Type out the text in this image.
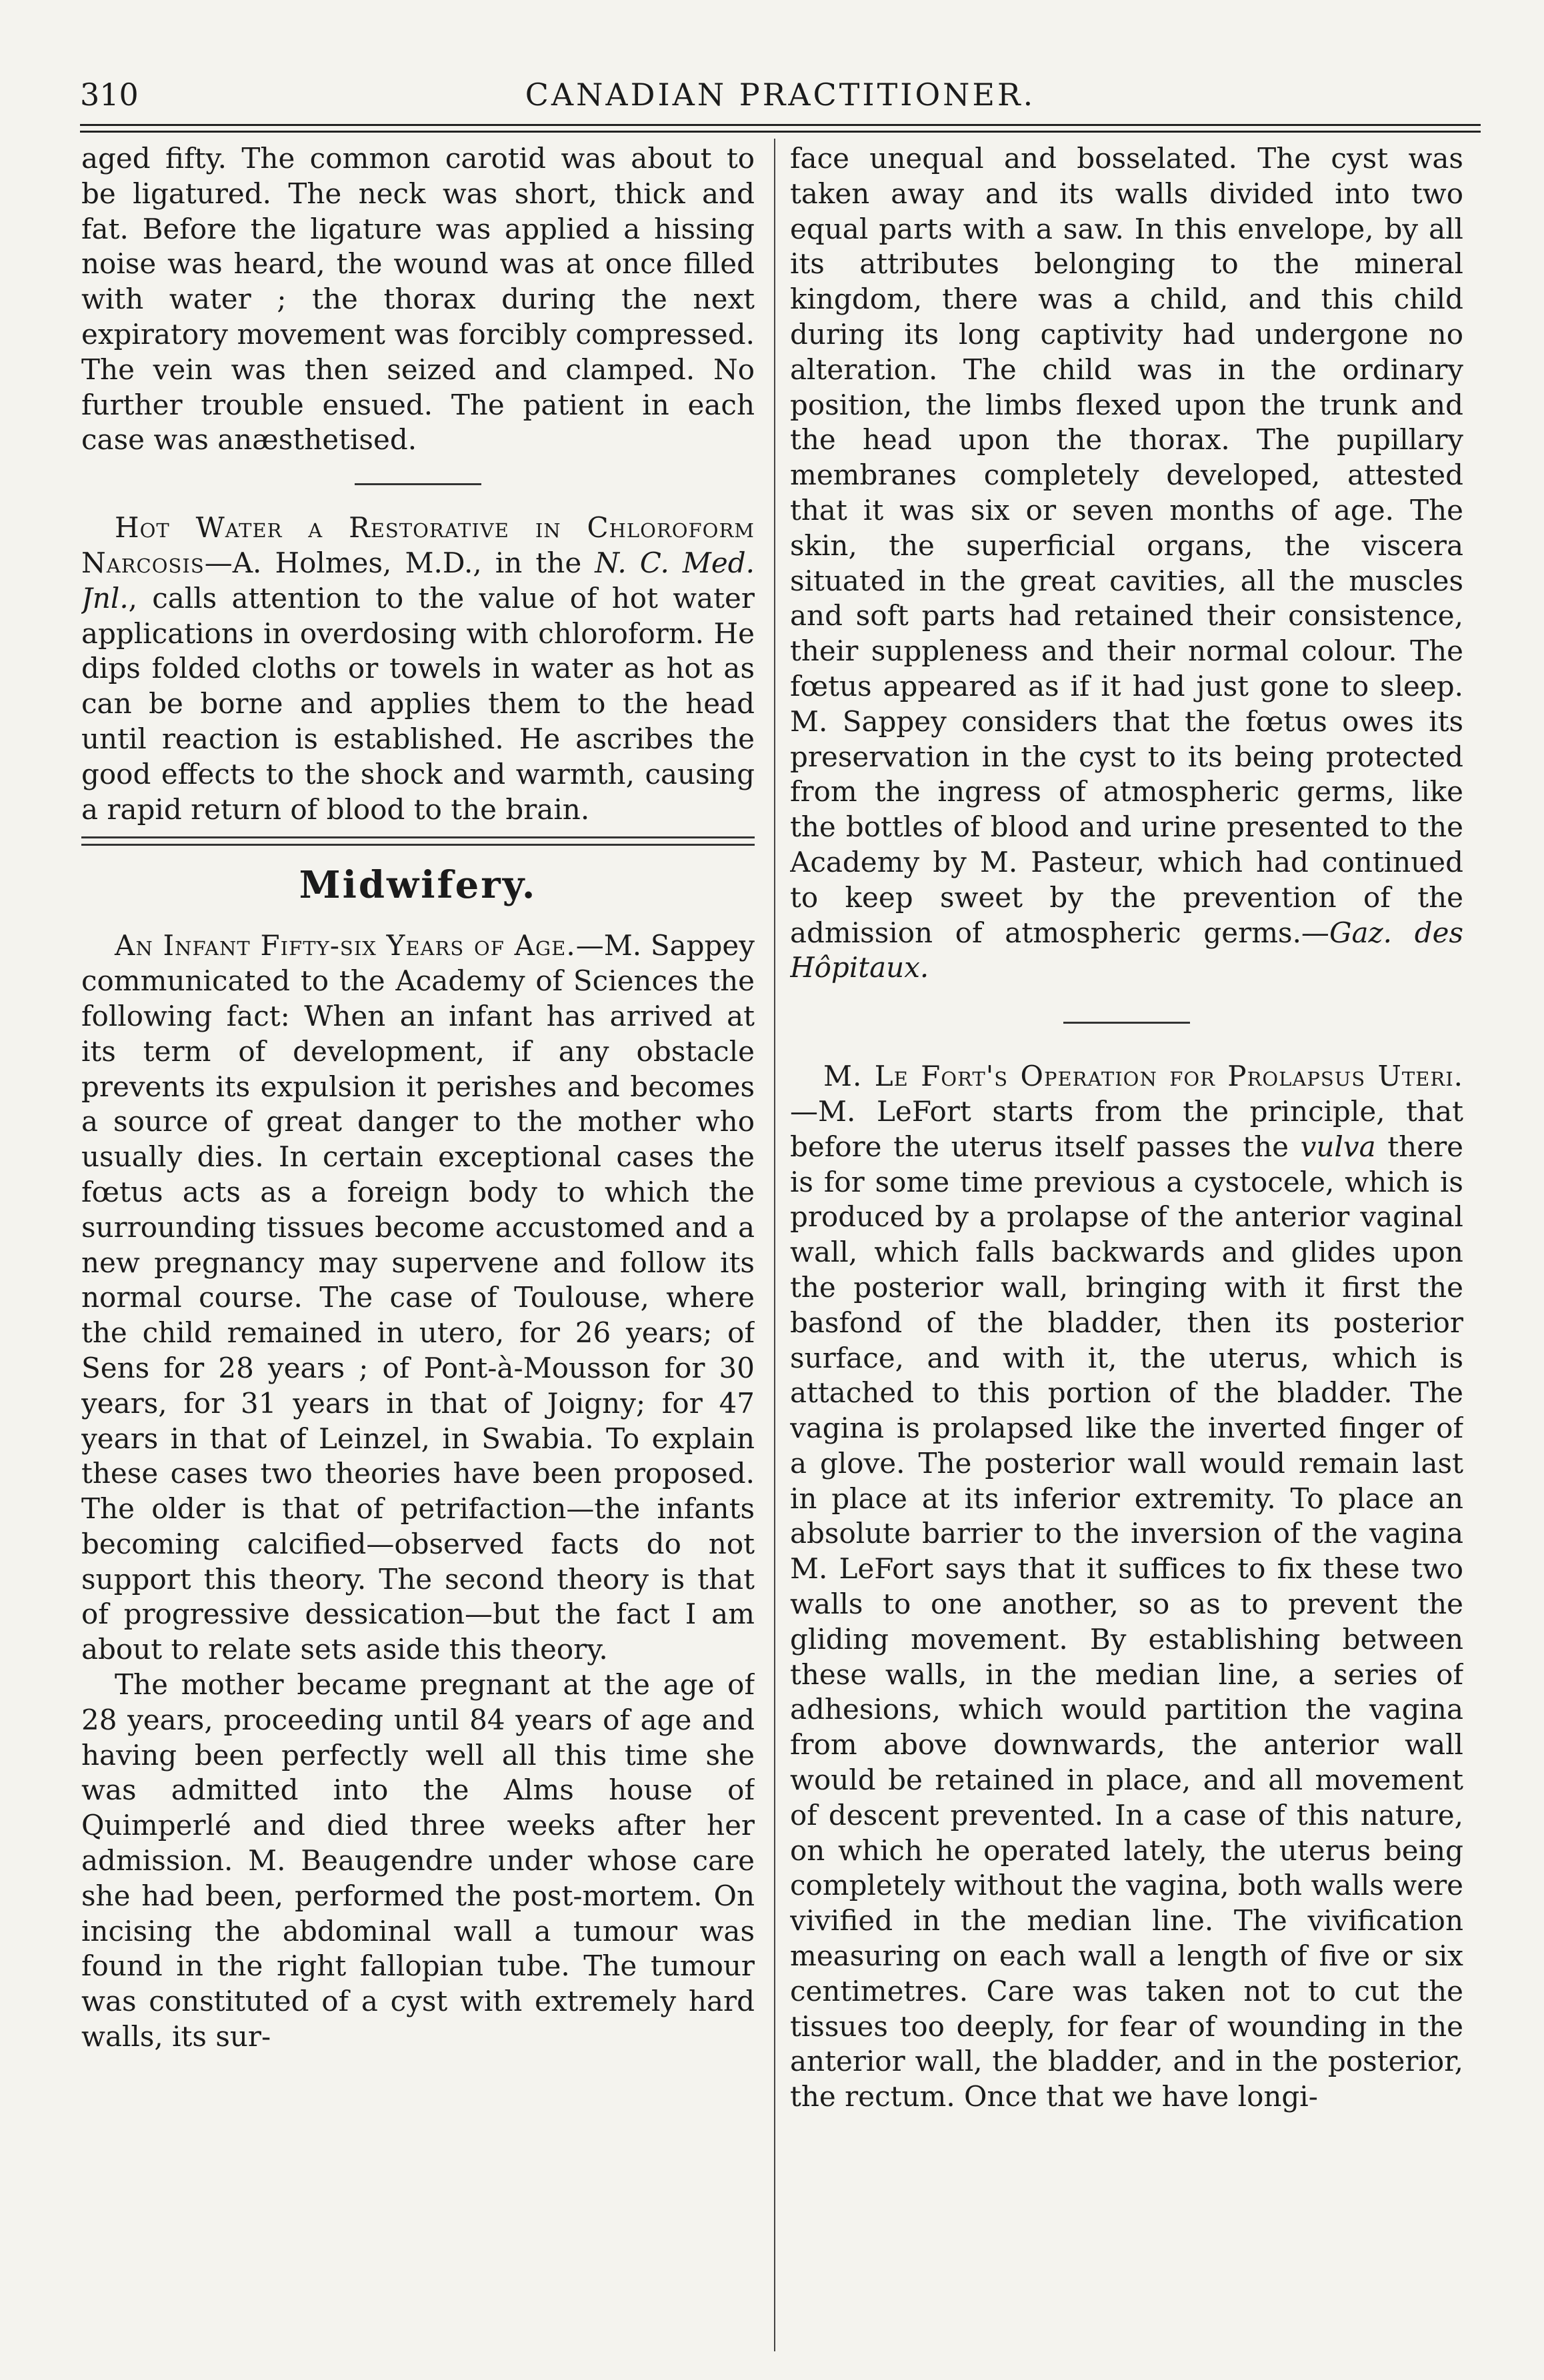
310	CANADIAN PRACTITIONER.

aged fifty. The common carotid was about to be ligatured. The neck was short, thick and fat. Before the ligature was applied a hissing noise was heard, the wound was at once filled with water ; the thorax during the next expiratory movement was forcibly compressed. The vein was then seized and clamped. No further trouble ensued. The patient in each case was anæsthetised.

Hot Water a Restorative in Chloroform Narcosis—A. Holmes, M.D., in the N. C. Med. Jnl., calls attention to the value of hot water applications in overdosing with chloroform. He dips folded cloths or towels in water as hot as can be borne and applies them to the head until reaction is established. He ascribes the good effects to the shock and warmth, causing a rapid return of blood to the brain.

Midwifery.

An Infant Fifty-six Years of Age.—M. Sappey communicated to the Academy of Sciences the following fact: When an infant has arrived at its term of development, if any obstacle prevents its expulsion it perishes and becomes a source of great danger to the mother who usually dies. In certain exceptional cases the fœtus acts as a foreign body to which the surrounding tissues become accustomed and a new pregnancy may supervene and follow its normal course. The case of Toulouse, where the child remained in utero, for 26 years; of Sens for 28 years ; of Pont-à-Mousson for 30 years, for 31 years in that of Joigny; for 47 years in that of Leinzel, in Swabia. To explain these cases two theories have been proposed. The older is that of petrifaction—the infants becoming calcified—observed facts do not support this theory. The second theory is that of progressive dessication—but the fact I am about to relate sets aside this theory.

The mother became pregnant at the age of 28 years, proceeding until 84 years of age and having been perfectly well all this time she was admitted into the Alms house of Quimperlé and died three weeks after her admission. M. Beaugendre under whose care she had been, performed the post-mortem. On incising the abdominal wall a tumour was found in the right fallopian tube. The tumour was constituted of a cyst with extremely hard walls, its sur-

face unequal and bosselated. The cyst was taken away and its walls divided into two equal parts with a saw. In this envelope, by all its attributes belonging to the mineral kingdom, there was a child, and this child during its long captivity had undergone no alteration. The child was in the ordinary position, the limbs flexed upon the trunk and the head upon the thorax. The pupillary membranes completely developed, attested that it was six or seven months of age. The skin, the superficial organs, the viscera situated in the great cavities, all the muscles and soft parts had retained their consistence, their suppleness and their normal colour. The fœtus appeared as if it had just gone to sleep. M. Sappey considers that the fœtus owes its preservation in the cyst to its being protected from the ingress of atmospheric germs, like the bottles of blood and urine presented to the Academy by M. Pasteur, which had continued to keep sweet by the prevention of the admission of atmospheric germs.—Gaz. des Hôpitaux.

M. Le Fort's Operation for Prolapsus Uteri.—M. LeFort starts from the principle, that before the uterus itself passes the vulva there is for some time previous a cystocele, which is produced by a prolapse of the anterior vaginal wall, which falls backwards and glides upon the posterior wall, bringing with it first the basfond of the bladder, then its posterior surface, and with it, the uterus, which is attached to this portion of the bladder. The vagina is prolapsed like the inverted finger of a glove. The posterior wall would remain last in place at its inferior extremity. To place an absolute barrier to the inversion of the vagina M. LeFort says that it suffices to fix these two walls to one another, so as to prevent the gliding movement. By establishing between these walls, in the median line, a series of adhesions, which would partition the vagina from above downwards, the anterior wall would be retained in place, and all movement of descent prevented. In a case of this nature, on which he operated lately, the uterus being completely without the vagina, both walls were vivified in the median line. The vivification measuring on each wall a length of five or six centimetres. Care was taken not to cut the tissues too deeply, for fear of wounding in the anterior wall, the bladder, and in the posterior, the rectum. Once that we have longi-
